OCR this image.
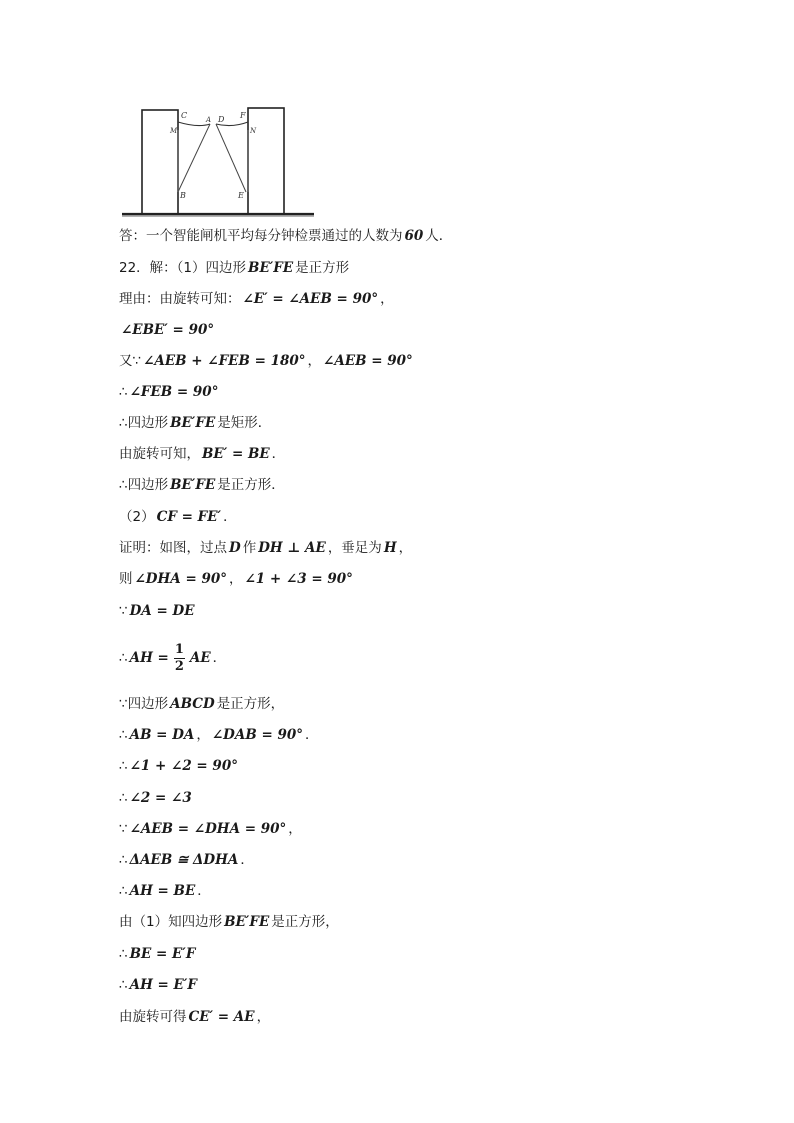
C
M
A D F
N
B	E
答：一个智能闸机平均每分钟检票通过的人数为 60 人．
22．解：（1）四边形 BE′FE 是正方形
理由：由旋转可知： ∠E′ = ∠AEB = 90° ，
∠EBE′ = 90°
又∵ ∠AEB + ∠FEB = 180° ， ∠AEB = 90°
∴ ∠FEB = 90°
∴四边形 BE′FE 是矩形．
由旋转可知， BE′ = BE ．
∴四边形 BE′FE 是正方形．
（2） CF = FE′ ．
证明：如图，过点 D 作 DH ⊥ AE ，垂足为 H ，
则 ∠DHA = 90° ， ∠1 + ∠3 = 90°
∵ DA = DE
∴ AH = $\frac{1}{2}$ AE ．
∵四边形 ABCD 是正方形，
∴ AB = DA ， ∠DAB = 90° ．
∴ ∠1 + ∠2 = 90°
∴ ∠2 = ∠3
∵ ∠AEB = ∠DHA = 90° ，
∴ ΔAEB ≅ ΔDHA ．
∴ AH = BE ．
由（1）知四边形 BE′FE 是正方形，
∴ BE = E′F
∴ AH = E′F
由旋转可得 CE′ = AE ，
